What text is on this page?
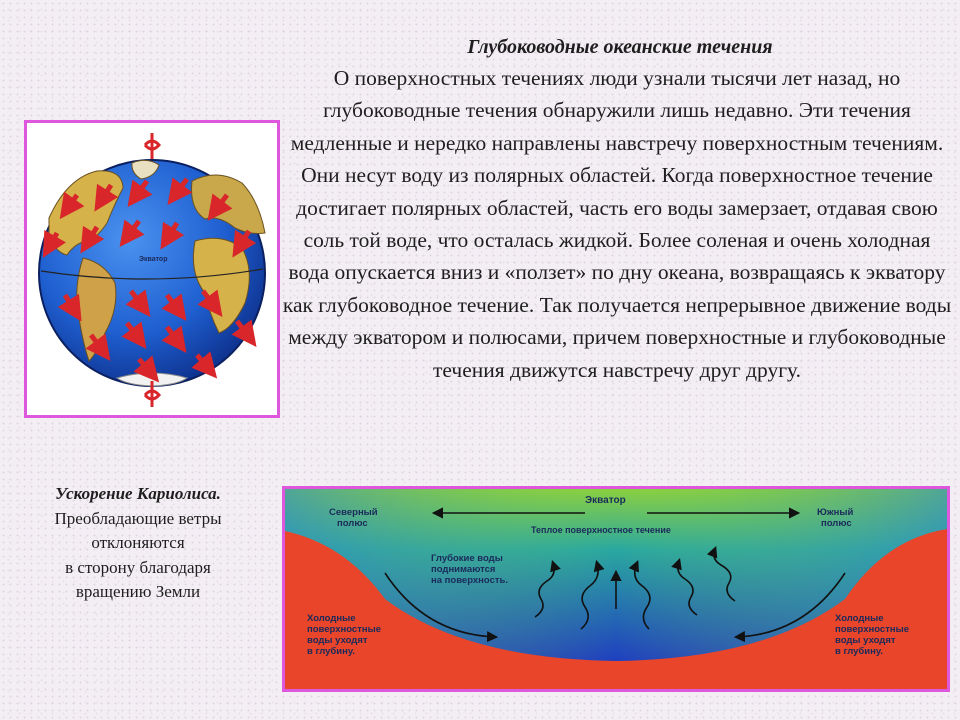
Глубоководные океанские течения
О поверхностных течениях люди узнали тысячи лет назад, но глубоководные течения обнаружили лишь недавно. Эти течения медленные и нередко направлены навстречу поверхностным течениям. Они несут воду из полярных областей. Когда поверхностное течение достигает полярных областей, часть его воды замерзает, отдавая свою соль той воде, что осталась жидкой. Более соленая и очень холодная вода опускается вниз и «ползет» по дну океана, возвращаясь к экватору как глубоководное течение. Так получается непрерывное движение воды между экватором и полюсами, причем поверхностные и глубоководные течения движутся навстречу друг другу.
Экватор
Ускорение Кариолиса.
Преобладающие ветры
отклоняются
в сторону благодаря
вращению Земли
Экватор
Теплое поверхностное течение
Северный полюс
Южный полюс
Глубокие воды поднимаются на поверхность.
Холодные поверхностные воды уходят в глубину.
Холодные поверхностные воды уходят в глубину.
